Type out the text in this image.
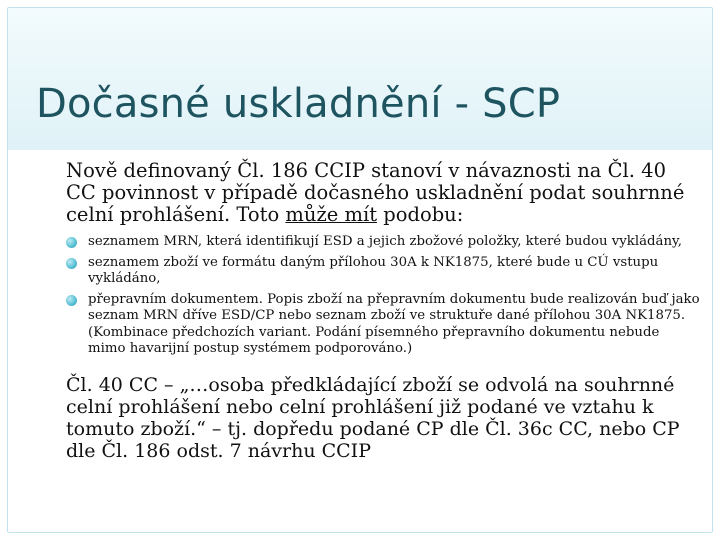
Dočasné uskladnění - SCP

Nově definovaný Čl. 186 CCIP stanoví v návaznosti na Čl. 40 CC povinnost v případě dočasného uskladnění podat souhrnné celní prohlášení. Toto může mít podobu:

seznamem MRN, která identifikují ESD a jejich zbožové položky, které budou vykládány,
seznamem zboží ve formátu daným přílohou 30A k NK1875, které bude u CÚ vstupu vykládáno,
přepravním dokumentem. Popis zboží na přepravním dokumentu bude realizován buď jako seznam MRN dříve ESD/CP nebo seznam zboží ve struktuře dané přílohou 30A NK1875. (Kombinace předchozích variant. Podání písemného přepravního dokumentu nebude mimo havarijní postup systémem podporováno.)

Čl. 40 CC – „…osoba předkládající zboží se odvolá na souhrnné celní prohlášení nebo celní prohlášení již podané ve vztahu k tomuto zboží.“ – tj. dopředu podané CP dle Čl. 36c CC, nebo CP dle Čl. 186 odst. 7 návrhu CCIP
